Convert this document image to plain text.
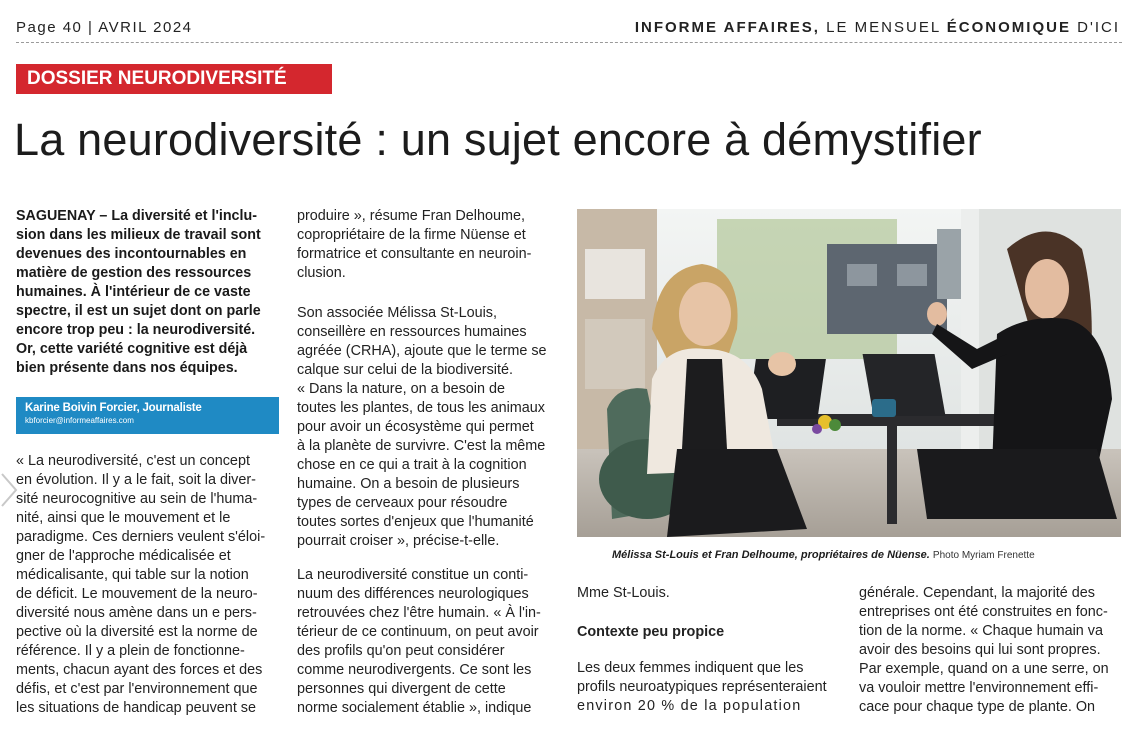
Page 40 | AVRIL 2024	INFORME AFFAIRES, LE MENSUEL ÉCONOMIQUE D'ICI
DOSSIER NEURODIVERSITÉ
La neurodiversité : un sujet encore à démystifier
SAGUENAY – La diversité et l'inclu-
sion dans les milieux de travail sont
devenues des incontournables en
matière de gestion des ressources
humaines. À l'intérieur de ce vaste
spectre, il est un sujet dont on parle
encore trop peu : la neurodiversité.
Or, cette variété cognitive est déjà
bien présente dans nos équipes.
Karine Boivin Forcier, Journaliste
kbforcier@informeaffaires.com
« La neurodiversité, c'est un concept
en évolution. Il y a le fait, soit la diver-
sité neurocognitive au sein de l'huma-
nité, ainsi que le mouvement et le
paradigme. Ces derniers veulent s'éloi-
gner de l'approche médicalisée et
médicalisante, qui table sur la notion
de déficit. Le mouvement de la neuro-
diversité nous amène dans un e pers-
pective où la diversité est la norme de
référence. Il y a plein de fonctionne-
ments, chacun ayant des forces et des
défis, et c'est par l'environnement que
les situations de handicap peuvent se
produire », résume Fran Delhoume,
copropriétaire de la firme Nüense et
formatrice et consultante en neuroin-
clusion.
Son associée Mélissa St-Louis,
conseillère en ressources humaines
agréée (CRHA), ajoute que le terme se
calque sur celui de la biodiversité.
« Dans la nature, on a besoin de
toutes les plantes, de tous les animaux
pour avoir un écosystème qui permet
à la planète de survivre. C'est la même
chose en ce qui a trait à la cognition
humaine. On a besoin de plusieurs
types de cerveaux pour résoudre
toutes sortes d'enjeux que l'humanité
pourrait croiser », précise-t-elle.
La neurodiversité constitue un conti-
nuum des différences neurologiques
retrouvées chez l'être humain. « À l'in-
térieur de ce continuum, on peut avoir
des profils qu'on peut considérer
comme neurodivergents. Ce sont les
personnes qui divergent de cette
norme socialement établie », indique
Mélissa St-Louis et Fran Delhoume, propriétaires de Nüense. Photo Myriam Frenette
Mme St-Louis.
Contexte peu propice
Les deux femmes indiquent que les
profils neuroatypiques représenteraient
environ 20 % de la population
générale. Cependant, la majorité des
entreprises ont été construites en fonc-
tion de la norme. « Chaque humain va
avoir des besoins qui lui sont propres.
Par exemple, quand on a une serre, on
va vouloir mettre l'environnement effi-
cace pour chaque type de plante. On
